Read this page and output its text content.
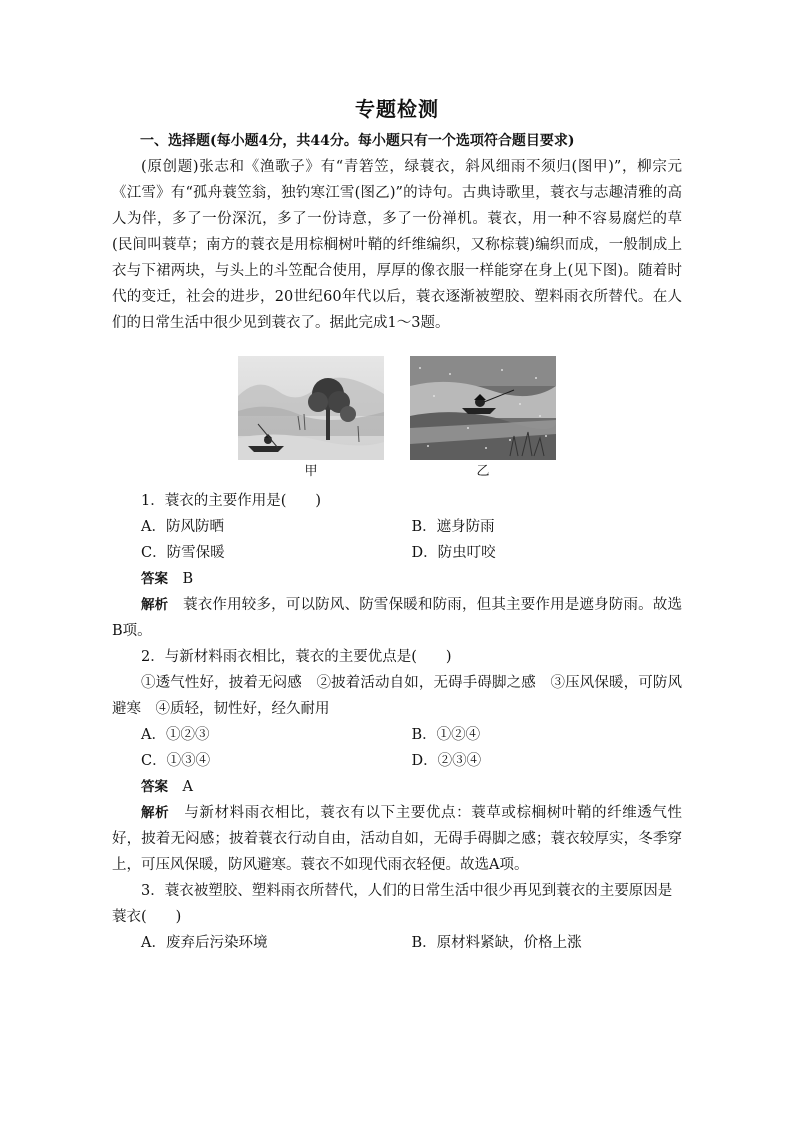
专题检测
一、选择题(每小题4分，共44分。每小题只有一个选项符合题目要求)
(原创题)张志和《渔歌子》有“青箬笠，绿蓑衣，斜风细雨不须归(图甲)”，柳宗元《江雪》有“孤舟蓑笠翁，独钓寒江雪(图乙)”的诗句。古典诗歌里，蓑衣与志趣清雅的高人为伴，多了一份深沉，多了一份诗意，多了一份禅机。蓑衣，用一种不容易腐烂的草(民间叫蓑草；南方的蓑衣是用棕榈树叶鞘的纤维编织，又称棕蓑)编织而成，一般制成上衣与下裙两块，与头上的斗笠配合使用，厚厚的像衣服一样能穿在身上(见下图)。随着时代的变迁，社会的进步，20世纪60年代以后，蓑衣逐渐被塑胶、塑料雨衣所替代。在人们的日常生活中很少见到蓑衣了。据此完成1～3题。
甲	乙
1．蓑衣的主要作用是(　　)
A．防风防晒	B．遮身防雨
C．防雪保暖	D．防虫叮咬
答案　 B
解析　 蓑衣作用较多，可以防风、防雪保暖和防雨，但其主要作用是遮身防雨。故选B项。
2．与新材料雨衣相比，蓑衣的主要优点是(　　)
①透气性好，披着无闷感　②披着活动自如，无碍手碍脚之感　③压风保暖，可防风避寒　④质轻，韧性好，经久耐用
A．①②③	B．①②④
C．①③④	D．②③④
答案　 A
解析　 与新材料雨衣相比，蓑衣有以下主要优点：蓑草或棕榈树叶鞘的纤维透气性好，披着无闷感；披着蓑衣行动自由，活动自如，无碍手碍脚之感；蓑衣较厚实，冬季穿上，可压风保暖，防风避寒。蓑衣不如现代雨衣轻便。故选A项。
3．蓑衣被塑胶、塑料雨衣所替代，人们的日常生活中很少再见到蓑衣的主要原因是蓑衣(　　)
A．废弃后污染环境	B．原材料紧缺，价格上涨
